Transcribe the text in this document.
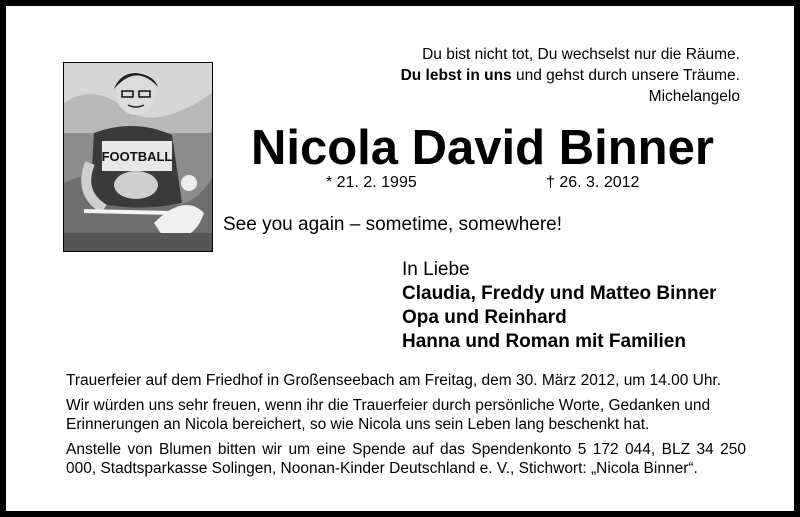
FOOTBALL
Du bist nicht tot, Du wechselst nur die Räume.
Du lebst in uns und gehst durch unsere Träume.
Michelangelo
Nicola David Binner
* 21. 2. 1995	† 26. 3. 2012
See you again – sometime, somewhere!
In Liebe
Claudia, Freddy und Matteo Binner
Opa und Reinhard
Hanna und Roman mit Familien

Trauerfeier auf dem Friedhof in Großenseebach am Freitag, dem 30. März 2012, um 14.00 Uhr.

Wir würden uns sehr freuen, wenn ihr die Trauerfeier durch persönliche Worte, Gedanken und Erinnerungen an Nicola bereichert, so wie Nicola uns sein Leben lang beschenkt hat.

Anstelle von Blumen bitten wir um eine Spende auf das Spendenkonto 5 172 044, BLZ 34 250 000, Stadtsparkasse Solingen, Noonan-Kinder Deutschland e. V., Stichwort: „Nicola Binner“.
